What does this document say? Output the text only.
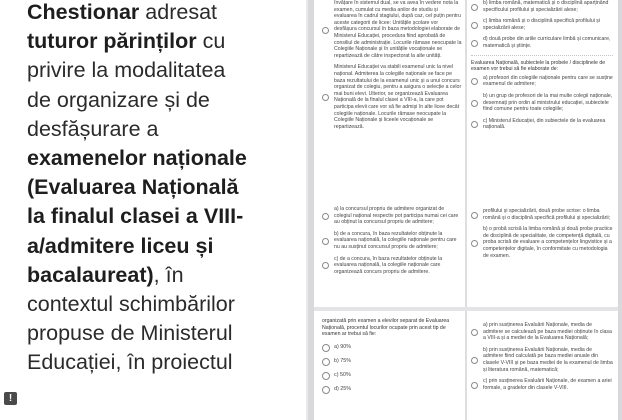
Chestionar adresat
tuturor părinților cu
privire la modalitatea
de organizare și de
desfășurare a
examenelor naționale
(Evaluarea Națională
la finalul clasei a VIII-
a/admitere liceu și
bacalaureat), în
contextul schimbărilor
propuse de Ministerul
Educației, în proiectul

!
învățare în sistemul dual, se va avea în vedere nota la examen, cumulat cu media anilor de studiu și evaluarea în cadrul stagiului, după caz, cel puțin pentru aceste categorii de licee: Unitățile școlare vor desfășura concursul în baza metodologiei elaborate de Ministerul Educației, procedura fiind aprobată de consiliul de administrație. Locurile rămase neocupate la Colegiile Naționale și în unitățile vocaționale se repartizează de către inspectorat la alte unități.
Ministerul Educației va stabili examenul unic la nivel național. Admiterea la colegiile naționale se face pe baza rezultatului de la examenul unic și a unui concurs organizat de colegiu, pentru a asigura o selecție a celor mai buni elevi. Ulterior, se organizează Evaluarea Națională de la finalul clasei a VIII-a, la care pot participa elevii care vor să fie admiși în alte licee decât colegiile naționale. Locurile rămase neocupate la Colegiile Naționale și liceele vocaționale se repartizează.
a) la concursul propriu de admitere organizat de colegiul național respectiv pot participa numai cei care au obținut la concursul propriu de admitere;
b) de a concura, în baza rezultatelor obținute la evaluarea națională, la colegiile naționale pentru care nu au susținut concursul propriu de admitere;
c) de a concura, în baza rezultatelor obținute la evaluarea națională, la colegiile naționale care organizează concurs propriu de admitere.
b) limba română, matematică și o disciplină aparținând specificului profilului și specializării alese;
c) limba română și o disciplină specifică profilului și specializării alese;
d) două probe din ariile curriculare limbă și comunicare, matematică și științe.

Evaluarea Națională, subiectele la probele / disciplinele de examen vor trebui să fie elaborate de:

a) profesori din colegiile naționale pentru care se susține examenul de admitere;
b) un grup de profesori de la mai multe colegii naționale, desemnați prin ordin al ministrului educației, subiectele fiind comune pentru toate colegiile;
c) Ministerul Educației, din subiectele de la evaluarea națională.
profilului și specializării, două probe scrise: o limba română și o disciplină specifică profilului și specializării;
b) o probă scrisă la limba română și două probe practice de disciplină de specialitate, de competență digitală, cu proba scrisă de evaluare a competențelor lingvistice și a competențelor digitale, în conformitate cu metodologia de examen.

organizată prin examen a elevilor separat de Evaluarea Națională, procentul locurilor ocupate prin acest tip de examen ar trebui să fie:

a) 90%
b) 75%
c) 50%
d) 25%
a) prin susținerea Evaluării Naționale, media de admitere se calculează pe baza mediei obținute în clasa a VIII-a și a mediei de la Evaluarea Națională;
b) prin susținerea Evaluării Naționale, media de admitere fiind calculată pe baza mediei anuale din clasele V-VIII și pe baza mediei de la examenul de limba și literatura română, matematică;
c) prin susținerea Evaluării Naționale, de examen a ariei formale, a gradelor din clasele V-VIII.
